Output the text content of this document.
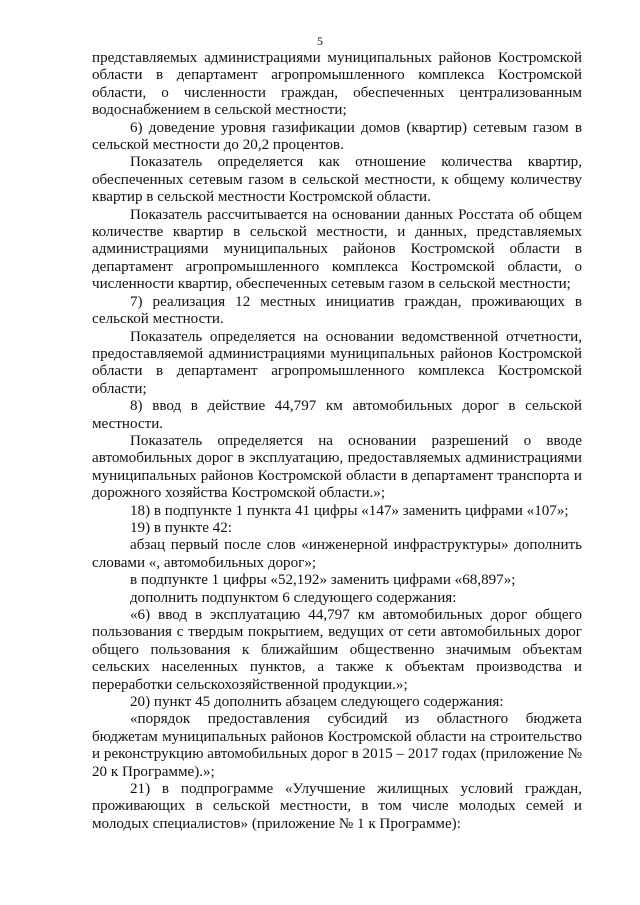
5

представляемых администрациями муниципальных районов Костромской области в департамент агропромышленного комплекса Костромской области, о численности граждан, обеспеченных централизованным водоснабжением в сельской местности;

6) доведение уровня газификации домов (квартир) сетевым газом в сельской местности до 20,2 процентов.

Показатель определяется как отношение количества квартир, обеспеченных сетевым газом в сельской местности, к общему количеству квартир в сельской местности Костромской области.

Показатель рассчитывается на основании данных Росстата об общем количестве квартир в сельской местности, и данных, представляемых администрациями муниципальных районов Костромской области в департамент агропромышленного комплекса Костромской области, о численности квартир, обеспеченных сетевым газом в сельской местности;

7) реализация 12 местных инициатив граждан, проживающих в сельской местности.

Показатель определяется на основании ведомственной отчетности, предоставляемой администрациями муниципальных районов Костромской области в департамент агропромышленного комплекса Костромской области;

8) ввод в действие 44,797 км автомобильных дорог в сельской местности.

Показатель определяется на основании разрешений о вводе автомобильных дорог в эксплуатацию, предоставляемых администрациями муниципальных районов Костромской области в департамент транспорта и дорожного хозяйства Костромской области.»;

18) в подпункте 1 пункта 41 цифры «147» заменить цифрами «107»;

19) в пункте 42:

абзац первый после слов «инженерной инфраструктуры» дополнить словами «, автомобильных дорог»;

в подпункте 1 цифры «52,192» заменить цифрами «68,897»;

дополнить подпунктом 6 следующего содержания:

«6) ввод в эксплуатацию 44,797 км автомобильных дорог общего пользования с твердым покрытием, ведущих от сети автомобильных дорог общего пользования к ближайшим общественно значимым объектам сельских населенных пунктов, а также к объектам производства и переработки сельскохозяйственной продукции.»;

20) пункт 45 дополнить абзацем следующего содержания:

«порядок предоставления субсидий из областного бюджета бюджетам муниципальных районов Костромской области на строительство и реконструкцию автомобильных дорог в 2015 – 2017 годах (приложение № 20 к Программе).»;

21) в подпрограмме «Улучшение жилищных условий граждан, проживающих в сельской местности, в том числе молодых семей и молодых специалистов» (приложение № 1 к Программе):
